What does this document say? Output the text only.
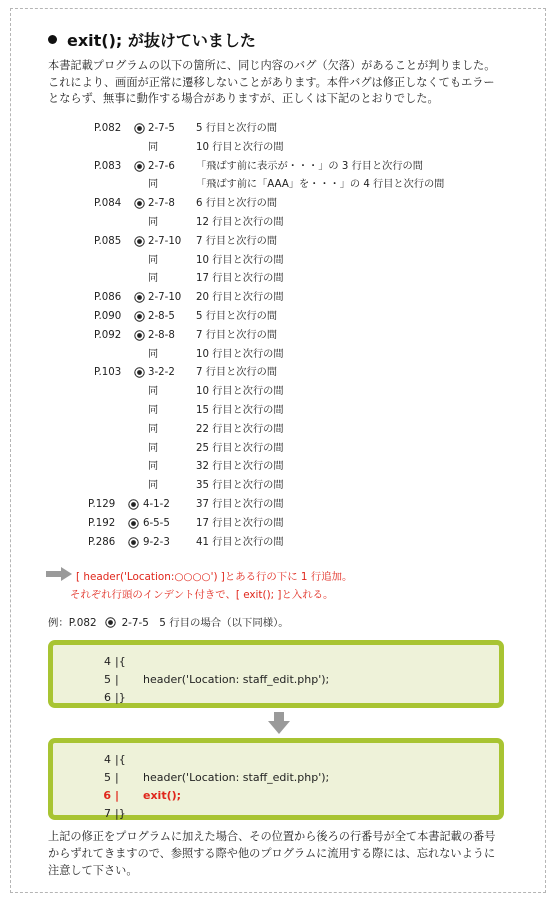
exit(); が抜けていました
本書記載プログラムの以下の箇所に、同じ内容のバグ（欠落）があることが判りました。
これにより、画面が正常に遷移しないことがあります。本件バグは修正しなくてもエラー
とならず、無事に動作する場合がありますが、正しくは下記のとおりでした。
P.082	2-7-5 5 行目と次行の間
同	10 行目と次行の間
P.083	2-7-6 「飛ばす前に表示が・・・」の 3 行目と次行の間
同	「飛ばす前に「AAA」を・・・」の 4 行目と次行の間
P.084	2-7-8 6 行目と次行の間
同	12 行目と次行の間
P.085	2-7-10 7 行目と次行の間
同	10 行目と次行の間
同	17 行目と次行の間
P.086	2-7-10 20 行目と次行の間
P.090	2-8-5 5 行目と次行の間
P.092	2-8-8 7 行目と次行の間
同	10 行目と次行の間
P.103	3-2-2 7 行目と次行の間
同	10 行目と次行の間
同	15 行目と次行の間
同	22 行目と次行の間
同	25 行目と次行の間
同	32 行目と次行の間
同	35 行目と次行の間
P.129	4-1-2	37 行目と次行の間
P.192	6-5-5	17 行目と次行の間
P.286	9-2-3	41 行目と次行の間
[ header('Location:○○○○') ]とある行の下に 1 行追加。
それぞれ行頭のインデント付きで、[ exit(); ]と入れる。
例：P.082 2-7-5　5 行目の場合（以下同様）。
4 |{
5 | header('Location: staff_edit.php');
6 |}
4 |{
5 | header('Location: staff_edit.php');
6 | exit();
7 |}
上記の修正をプログラムに加えた場合、その位置から後ろの行番号が全て本書記載の番号
からずれてきますので、参照する際や他のプログラムに流用する際には、忘れないように
注意して下さい。
